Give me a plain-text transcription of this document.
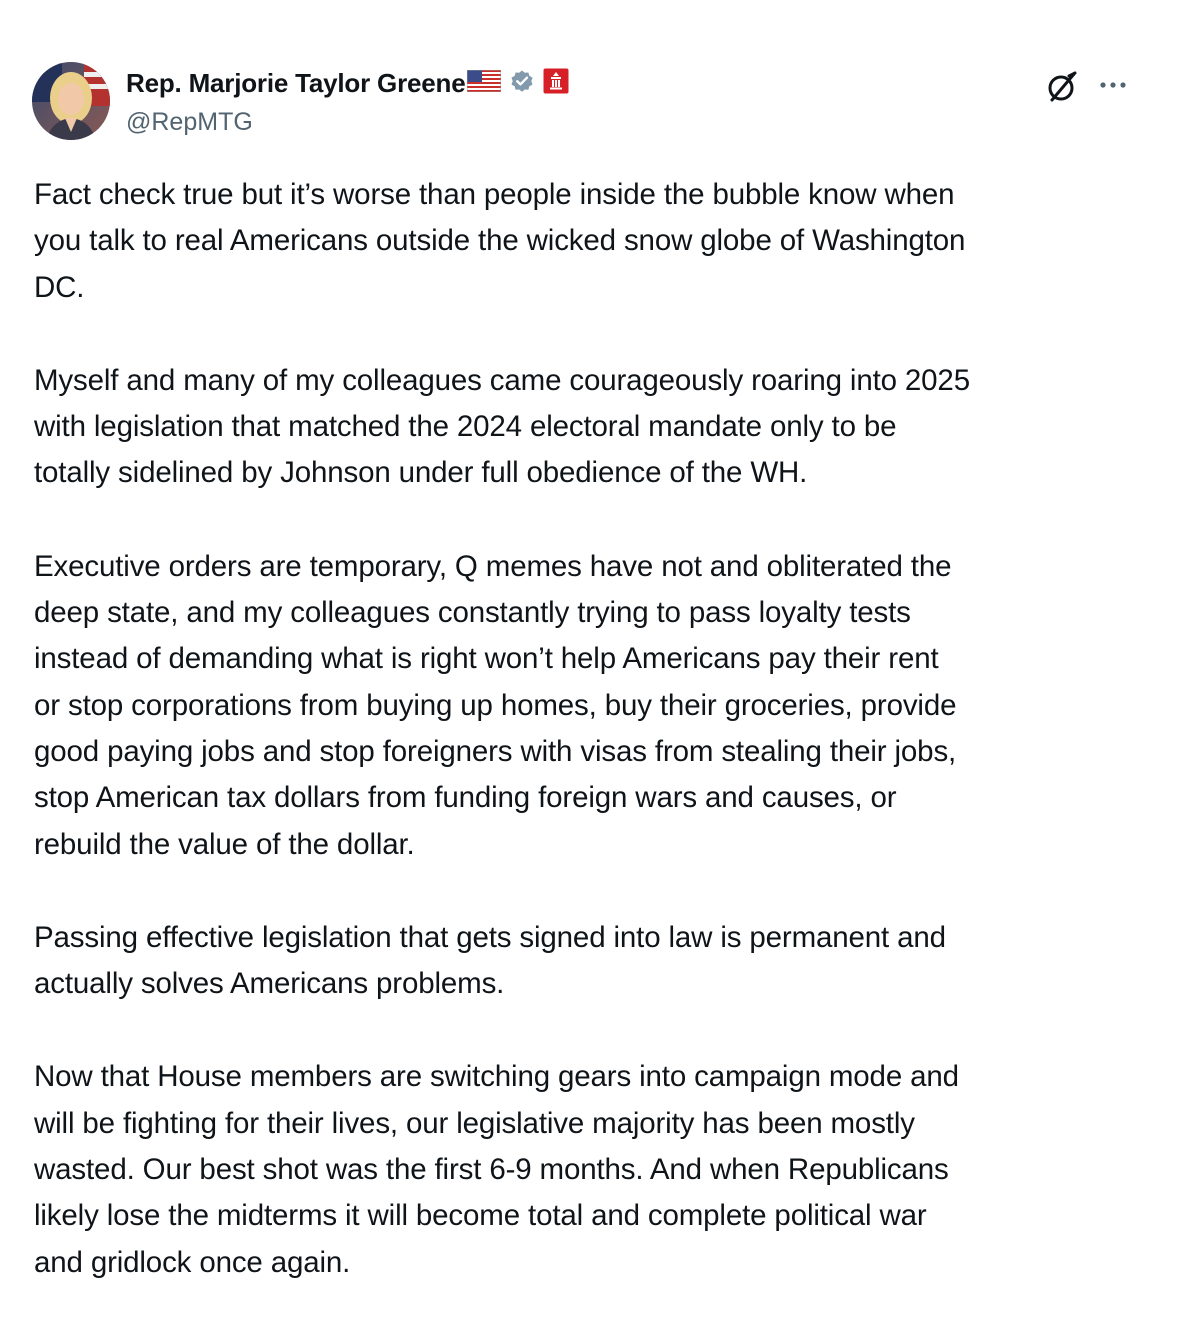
Rep. Marjorie Taylor Greene
@RepMTG

Fact check true but it’s worse than people inside the bubble know when
you talk to real Americans outside the wicked snow globe of Washington
DC.

Myself and many of my colleagues came courageously roaring into 2025
with legislation that matched the 2024 electoral mandate only to be
totally sidelined by Johnson under full obedience of the WH.

Executive orders are temporary, Q memes have not and obliterated the
deep state, and my colleagues constantly trying to pass loyalty tests
instead of demanding what is right won’t help Americans pay their rent
or stop corporations from buying up homes, buy their groceries, provide
good paying jobs and stop foreigners with visas from stealing their jobs,
stop American tax dollars from funding foreign wars and causes, or
rebuild the value of the dollar.

Passing effective legislation that gets signed into law is permanent and
actually solves Americans problems.

Now that House members are switching gears into campaign mode and
will be fighting for their lives, our legislative majority has been mostly
wasted. Our best shot was the first 6-9 months. And when Republicans
likely lose the midterms it will become total and complete political war
and gridlock once again.
